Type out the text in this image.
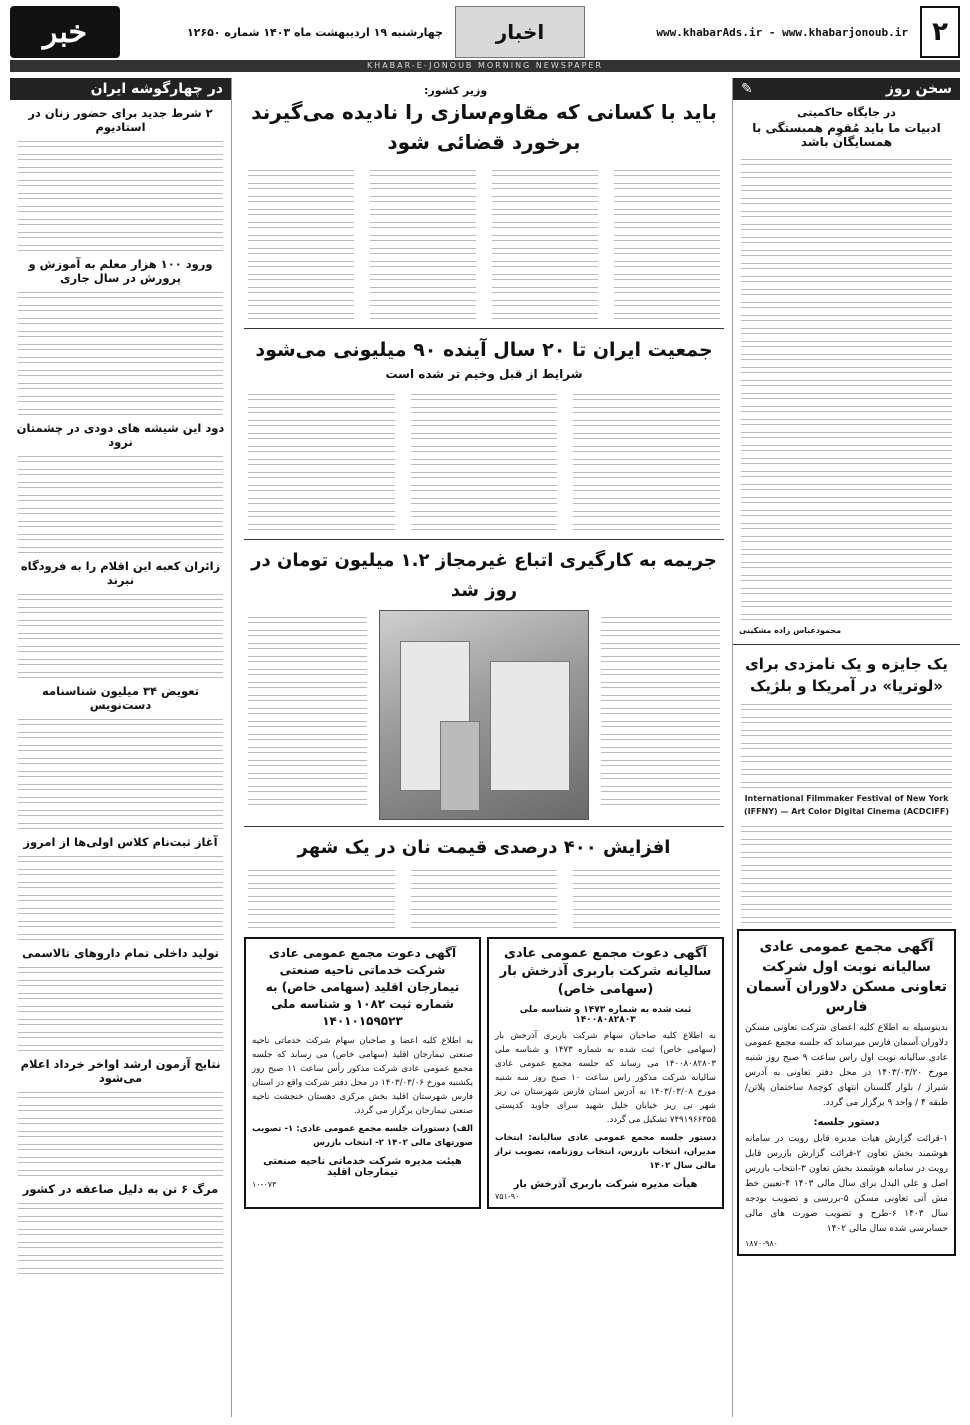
۲
www.khabarAds.ir - www.khabarjonoub.ir
اخبار
چهارشنبه ۱۹ اردیبهشت ماه ۱۴۰۳ شماره ۱۲۶۵۰
خبر
KHABAR-E-JONOUB MORNING NEWSPAPER
سخن روز
✎
در جایگاه حاکمیتی
ادبیات ما باید مُقوِم همبستگی با همسایگان باشد
محمودعباس زاده مشکینی
یک جایزه و یک نامزدی برای «لوتریا» در آمریکا و بلژیک
International Filmmaker Festival of New York (IFFNY) — Art Color Digital Cinema (ACDCIFF)
آگهی مجمع عمومی عادی سالیانه نوبت اول شرکت تعاونی مسکن دلاوران آسمان فارس
بدینوسیله به اطلاع کلیه اعضای شرکت تعاونی مسکن دلاوران آسمان فارس میرساند که جلسه مجمع عمومی عادی سالیانه نوبت اول راس ساعت ۹ صبح روز شنبه مورخ ۱۴۰۳/۰۳/۲۰ در محل دفتر تعاونی به آدرس شیراز / بلوار گلستان انتهای کوچه۸ ساختمان پلاتن/ طبقه ۴ / واحد ۹ برگزار می گردد.
دستور جلسه:
۱-قرائت گزارش هیات مدیره قابل رویت در سامانه هوشمند بخش تعاون ۲-قرائت گزارش بازرس قابل رویت در سامانه هوشمند بخش تعاون ۳-انتخاب بازرس اصل و علی البدل برای سال مالی ۱۴۰۳ ۴-تعیین خط مش آتی تعاونی مسکن ۵-بررسی و تصویب بودجه سال ۱۴۰۳ ۶-طرح و تصویب صورت های مالی حسابرسی شده سال مالی ۱۴۰۲
۱۸۷۰-۹۸۰
وزیر کشور:
باید با کسانی که مقاوم‌سازی را نادیده می‌گیرند برخورد قضائی شود
جمعیت ایران تا ۲۰ سال آینده ۹۰ میلیونی می‌شود
شرایط از قبل وخیم تر شده است
جریمه به کارگیری اتباع غیرمجاز ۱.۲ میلیون تومان در روز شد
افزایش ۴۰۰ درصدی قیمت نان در یک شهر
آگهی دعوت مجمع عمومی عادی سالیانه شرکت باربری آذرخش بار (سهامی خاص)
ثبت شده به شماره ۱۴۷۳ و شناسه ملی ۱۴۰۰۸۰۸۲۸۰۳
به اطلاع کلیه صاحبان سهام شرکت باربری آذرخش بار (سهامی خاص) ثبت شده به شماره ۱۴۷۳ و شناسه ملی ۱۴۰۰۸۰۸۲۸۰۳ می رساند که جلسه مجمع عمومی عادی سالیانه شرکت مذکور راس ساعت ۱۰ صبح روز سه شنبه مورخ ۱۴۰۳/۰۳/۰۸ به آدرس استان فارس شهرستان نی ریز شهر نی ریز خیابان خلیل شهید سرای جاوید کدپستی ۷۴۹۱۹۶۶۳۵۵ تشکیل می گردد.
دستور جلسه مجمع عمومی عادی سالیانه: انتخاب مدیران، انتخاب بازرس، انتخاب روزنامه، تصویب تراز مالی سال ۱۴۰۲
هیأت مدیره شرکت باربری آذرخش بار
۷۵۱-۹۰
آگهی دعوت مجمع عمومی عادی شرکت خدماتی ناحیه صنعتی تیمارجان اقلید (سهامی خاص) به شماره ثبت ۱۰۸۲ و شناسه ملی ۱۴۰۱۰۱۵۹۵۲۳
به اطلاع کلیه اعضا و صاحبان سهام شرکت خدماتی ناحیه صنعتی تیمارجان اقلید (سهامی خاص) می رساند که جلسه مجمع عمومی عادی شرکت مذکور رأس ساعت ۱۱ صبح روز یکشنبه مورخ ۱۴۰۳/۰۳/۰۶ در محل دفتر شرکت واقع در استان فارس شهرستان اقلید بخش مرکزی دهستان خنجشت ناحیه صنعتی تیمارجان برگزار می گردد.
الف) دستورات جلسه مجمع عمومی عادی: ۱- تصویب صورتهای مالی ۱۴۰۲ ۲- انتخاب بازرس
هیئت مدیره شرکت خدماتی ناحیه صنعتی تیمارجان اقلید
۱۰-۰۷۳
در چهارگوشه ایران
۲ شرط جدید برای حضور زنان در استادیوم
ورود ۱۰۰ هزار معلم به آموزش و پرورش در سال جاری
دود این شیشه های دودی در چشمتان نرود
زائران کعبه این اقلام را به فرودگاه نبرند
تعویض ۳۴ میلیون شناسنامه دست‌نویس
آغاز ثبت‌نام کلاس اولی‌ها از امروز
تولید داخلی تمام داروهای تالاسمی
نتایج آزمون ارشد اواخر خرداد اعلام می‌شود
مرگ ۶ تن به دلیل صاعقه در کشور
